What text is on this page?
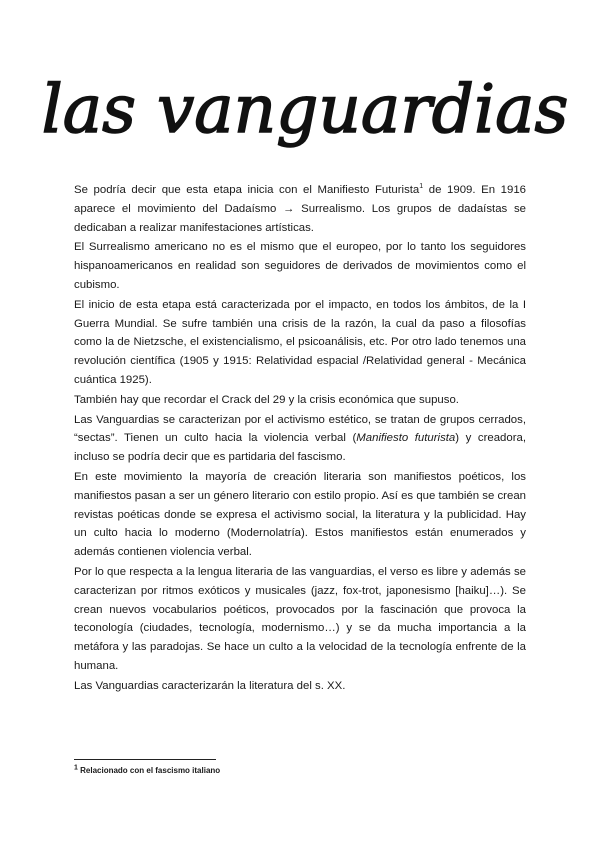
las vanguardias

Se podría decir que esta etapa inicia con el Manifiesto Futurista$^1$ de 1909. En 1916 aparece el movimiento del Dadaísmo → Surrealismo. Los grupos de dadaístas se dedicaban a realizar manifestaciones artísticas.

El Surrealismo americano no es el mismo que el europeo, por lo tanto los seguidores hispanoamericanos en realidad son seguidores de derivados de movimientos como el cubismo.

El inicio de esta etapa está caracterizada por el impacto, en todos los ámbitos, de la I Guerra Mundial. Se sufre también una crisis de la razón, la cual da paso a filosofías como la de Nietzsche, el existencialismo, el psicoanálisis, etc. Por otro lado tenemos una revolución científica (1905 y 1915: Relatividad espacial /Relatividad general - Mecánica cuántica 1925).

También hay que recordar el Crack del 29 y la crisis económica que supuso.

Las Vanguardias se caracterizan por el activismo estético, se tratan de grupos cerrados, “sectas”. Tienen un culto hacia la violencia verbal (Manifiesto futurista) y creadora, incluso se podría decir que es partidaria del fascismo.

En este movimiento la mayoría de creación literaria son manifiestos poéticos, los manifiestos pasan a ser un género literario con estilo propio. Así es que también se crean revistas poéticas donde se expresa el activismo social, la literatura y la publicidad. Hay un culto hacia lo moderno (Modernolatría). Estos manifiestos están enumerados y además contienen violencia verbal.

Por lo que respecta a la lengua literaria de las vanguardias, el verso es libre y además se caracterizan por ritmos exóticos y musicales (jazz, fox-trot, japonesismo [haiku]…). Se crean nuevos vocabularios poéticos, provocados por la fascinación que provoca la teconología (ciudades, tecnología, modernismo…) y se da mucha importancia a la metáfora y las paradojas. Se hace un culto a la velocidad de la tecnología enfrente de la humana.

Las Vanguardias caracterizarán la literatura del s. XX.

$^1$ Relacionado con el fascismo italiano
